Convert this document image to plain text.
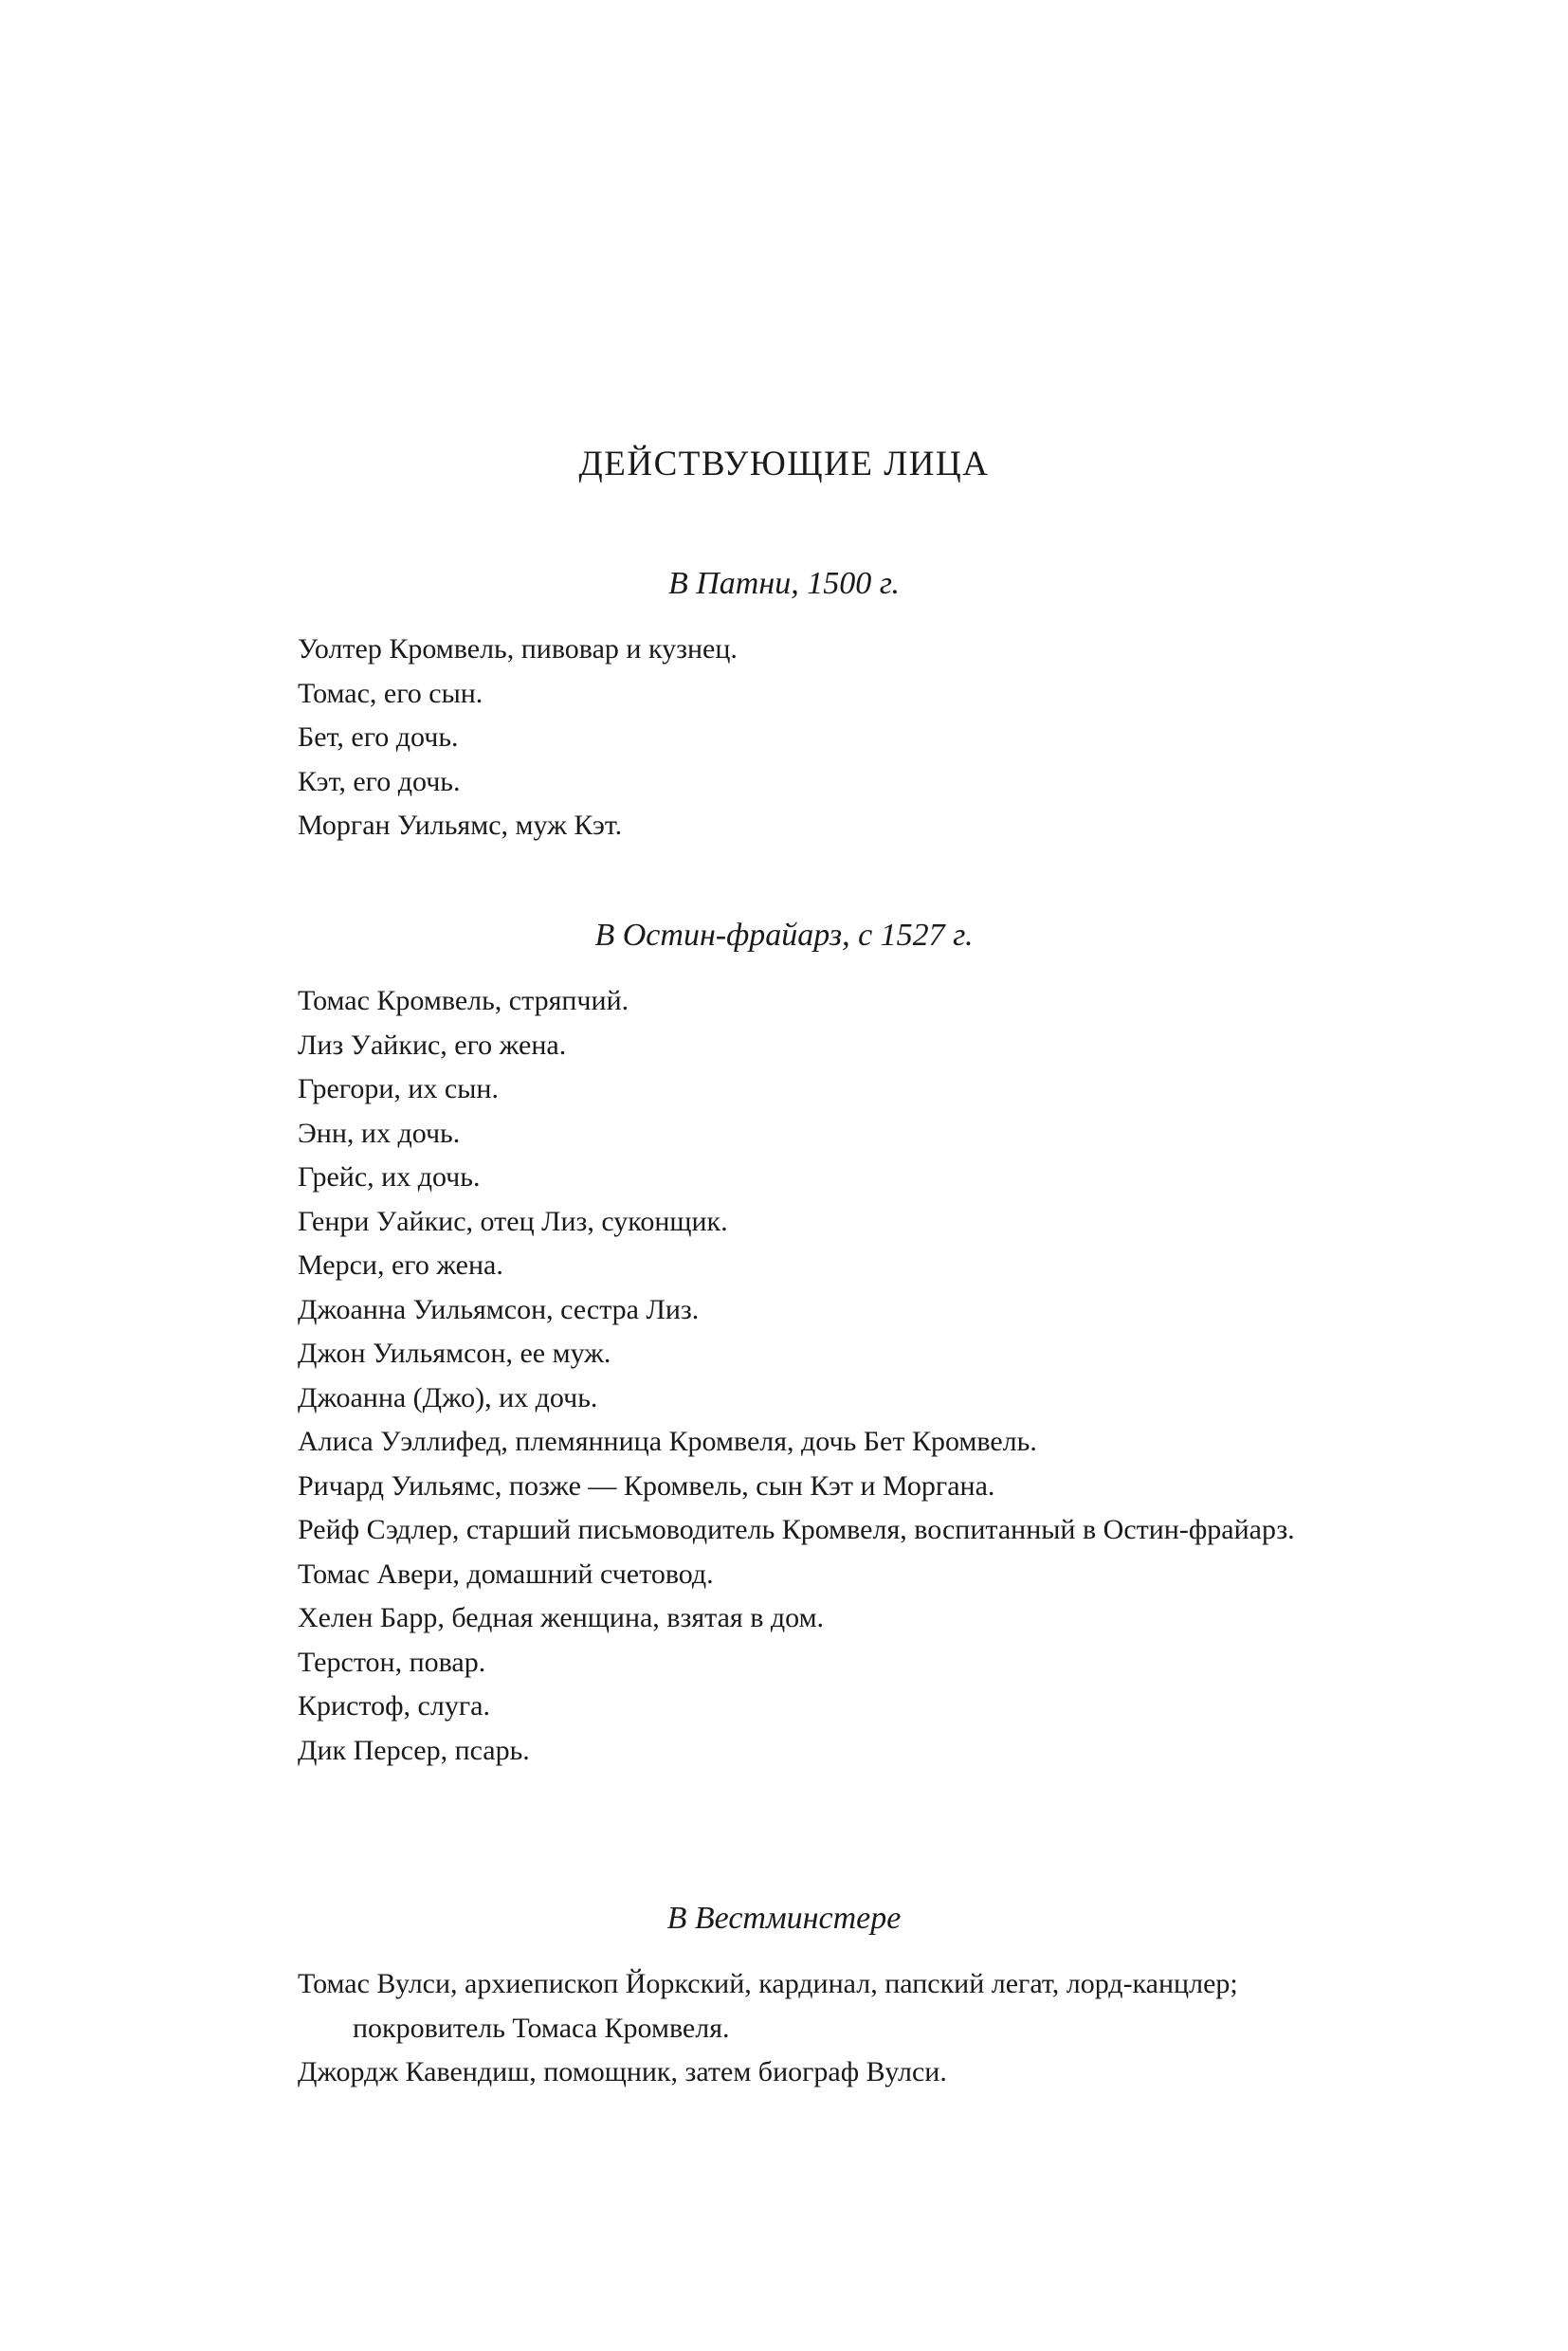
ДЕЙСТВУЮЩИЕ ЛИЦА
В Патни, 1500 г.
Уолтер Кромвель, пивовар и кузнец.
Томас, его сын.
Бет, его дочь.
Кэт, его дочь.
Морган Уильямс, муж Кэт.
В Остин-фрайарз, с 1527 г.
Томас Кромвель, стряпчий.
Лиз Уайкис, его жена.
Грегори, их сын.
Энн, их дочь.
Грейс, их дочь.
Генри Уайкис, отец Лиз, суконщик.
Мерси, его жена.
Джоанна Уильямсон, сестра Лиз.
Джон Уильямсон, ее муж.
Джоанна (Джо), их дочь.
Алиса Уэллифед, племянница Кромвеля, дочь Бет Кромвель.
Ричард Уильямс, позже — Кромвель, сын Кэт и Моргана.
Рейф Сэдлер, старший письмоводитель Кромвеля, воспитанный в Остин-фрайарз.
Томас Авери, домашний счетовод.
Хелен Барр, бедная женщина, взятая в дом.
Терстон, повар.
Кристоф, слуга.
Дик Персер, псарь.
В Вестминстере
Томас Вулси, архиепископ Йоркский, кардинал, папский легат, лорд-канцлер; покровитель Томаса Кромвеля.
Джордж Кавендиш, помощник, затем биограф Вулси.
